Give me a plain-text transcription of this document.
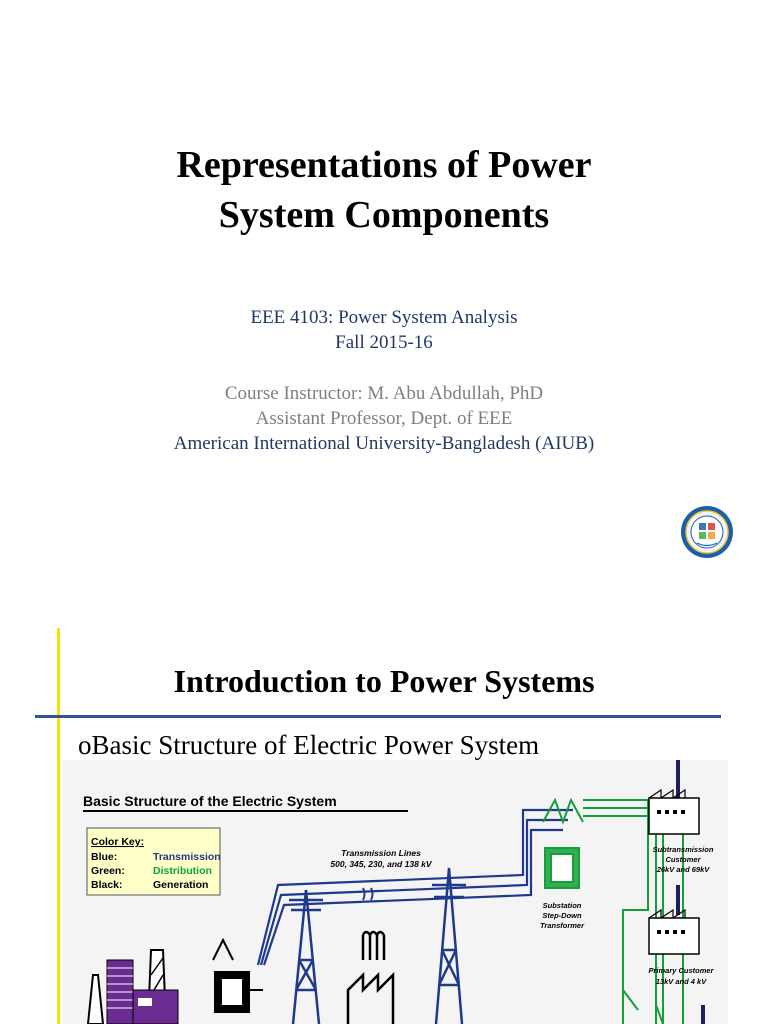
Representations of Power
System Components
EEE 4103: Power System Analysis
Fall 2015-16
Course Instructor: M. Abu Abdullah, PhD
Assistant Professor, Dept. of EEE
American International University-Bangladesh (AIUB)
Introduction to Power Systems
oBasic Structure of Electric Power System
Basic Structure of the Electric System
Color Key:
Blue:	Transmission
Green:	Distribution
Black:	Generation
Transmission Lines
500, 345, 230, and 138 kV
Substation
Step-Down
Transformer
Subtransmission
Customer
26kV and 69kV
Primary Customer
13kV and 4 kV
